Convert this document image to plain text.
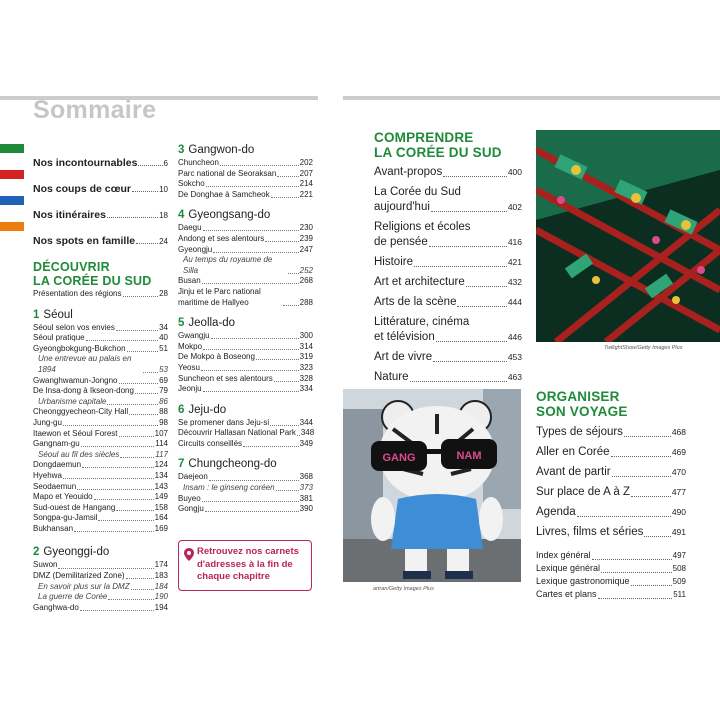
Sommaire
Nos incontournables	6
Nos coups de cœur	10
Nos itinéraires	18
Nos spots en famille	24
DÉCOUVRIR
LA CORÉE DU SUD
Présentation des régions	28
1 Séoul
Séoul selon vos envies	34
Séoul pratique	40
Gyeongbokgung-Bukchon	51
Une entrevue au palais en 1894	53
Gwanghwamun-Jongno	69
De Insa-dong à Ikseon-dong	79
Urbanisme capitale	86
Cheonggyecheon-City Hall	88
Jung-gu	98
Itaewon et Séoul Forest	107
Gangnam-gu	114
Séoul au fil des siècles	117
Dongdaemun	124
Hyehwa	134
Seodaemun	143
Mapo et Yeouido	149
Sud-ouest de Hangang	158
Songpa-gu-Jamsil	164
Bukhansan	169
2 Gyeonggi-do
Suwon	174
DMZ (Demilitarized Zone)	183
En savoir plus sur la DMZ	184
La guerre de Corée	190
Ganghwa-do	194
3 Gangwon-do
Chuncheon	202
Parc national de Seoraksan	207
Sokcho	214
De Donghae à Samcheok	221
4 Gyeongsang-do
Daegu	230
Andong et ses alentours	239
Gyeongju	247
Au temps du royaume de Silla	252
Busan	268
Jinju et le Parc national maritime de Hallyeo	288
5 Jeolla-do
Gwangju	300
Mokpo	314
De Mokpo à Boseong	319
Yeosu	323
Suncheon et ses alentours	328
Jeonju	334
6 Jeju-do
Se promener dans Jeju-si	344
Découvrir Hallasan National Park 348
Circuits conseillés	349
7 Chungcheong-do
Daejeon	368
Insam : le ginseng coréen	373
Buyeo	381
Gongju	390
Retrouvez nos carnets d'adresses à la fin de chaque chapitre
COMPRENDRE
LA CORÉE DU SUD
Avant-propos	400
La Corée du Sud
aujourd'hui	402
Religions et écoles
de pensée	416
Histoire	421
Art et architecture	432
Arts de la scène	444
Littérature, cinéma
et télévision	446
Art de vivre	453
Nature	463
ORGANISER
SON VOYAGE
Types de séjours	468
Aller en Corée	469
Avant de partir	470
Sur place de A à Z	477
Agenda	490
Livres, films et séries	491
Index général	497
Lexique général	508
Lexique gastronomique	509
Cartes et plans	511
TwilightShow/Getty Images Plus
GANG	NAM
artran/Getty Images Plus
